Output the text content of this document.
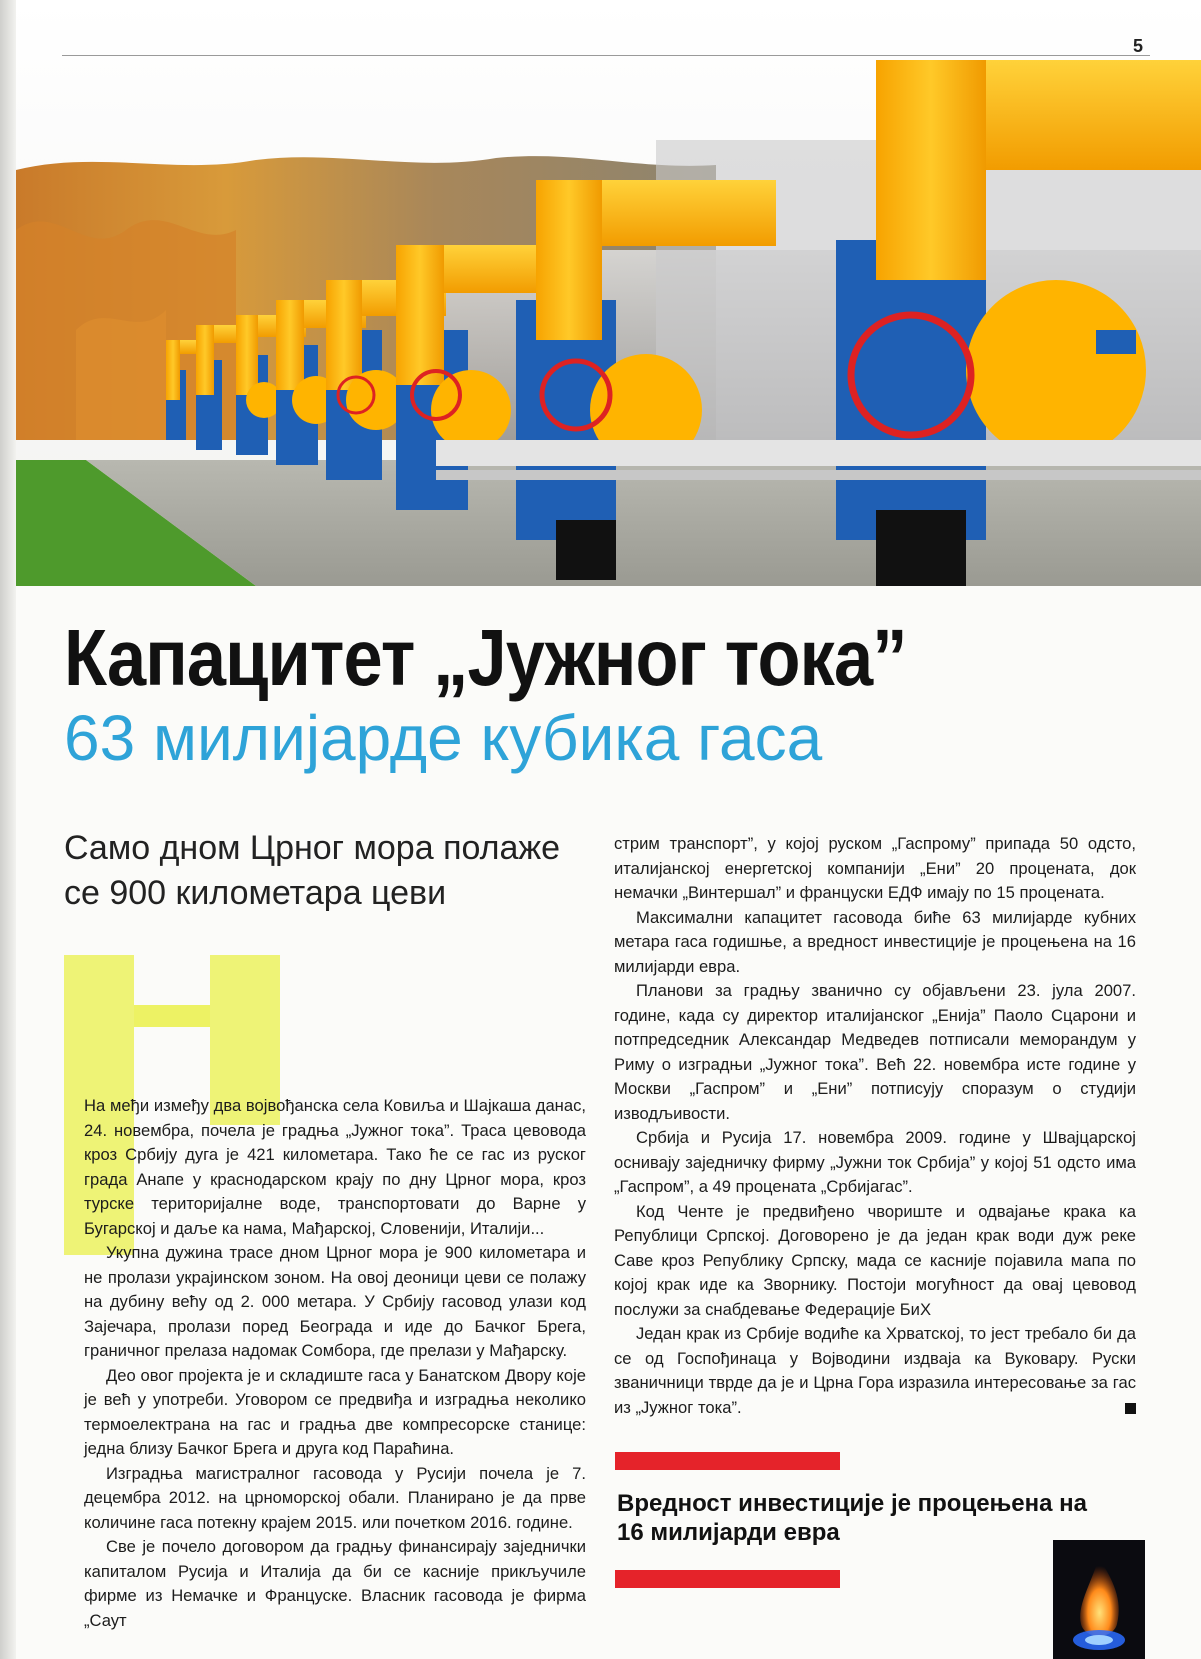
5
Капацитет „Јужног тока”
63 милијарде кубика гаса
Само дном Црног мора полаже се 900 километара цеви

На међи између два војвођанска села Ковиља и Шајкаша данас, 24. новембра, почела је градња „Јужног тока”. Траса цевовода кроз Србију дуга је 421 километара. Тако ће се гас из руског града Анапе у краснодарском крају по дну Црног мора, кроз турске територијалне воде, транспортовати до Варне у Бугарској и даље ка нама, Мађарској, Словенији, Италији...

Укупна дужина трасе дном Црног мора је 900 километара и не пролази украјинском зоном. На овој деоници цеви се полажу на дубину већу од 2. 000 метара. У Србију гасовод улази код Зајечара, пролази поред Београда и иде до Бачког Брега, граничног прелаза надомак Сомбора, где прелази у Мађарску.

Део овог пројекта је и складиште гаса у Банатском Двору које је већ у употреби. Уговором се предвиђа и изградња неколико термоелектрана на гас и градња две компресорске станице: једна близу Бачког Брега и друга код Параћина.

Изградња магистралног гасовода у Русији почела је 7. децембра 2012. на црноморској обали. Планирано је да прве количине гаса потекну крајем 2015. или почетком 2016. године.

Све је почело договором да градњу финансирају заједнички капиталом Русија и Италија да би се касније прикључиле фирме из Немачке и Француске. Власник гасовода је фирма „Саут

стрим транспорт”, у којој руском „Гаспрому” припада 50 одсто, италијанској енергетској компанији „Ени” 20 процената, док немачки „Винтершал” и француски ЕДФ имају по 15 процената.

Максимални капацитет гасовода биће 63 милијарде кубних метара гаса годишње, а вредност инвестиције је процењена на 16 милијарди евра.

Планови за градњу званично су објављени 23. јула 2007. године, када су директор италијанског „Енија” Паоло Сцарони и потпредседник Александар Медведев потписали меморандум у Риму о изградњи „Јужног тока”. Већ 22. новембра исте године у Москви „Гаспром” и „Ени” потписују споразум о студији изводљивости.

Србија и Русија 17. новембра 2009. године у Швајцарској оснивају заједничку фирму „Јужни ток Србија” у којој 51 одсто има „Гаспром”, а 49 процената „Србијагас”.

Код Ченте је предвиђено чвориште и одвајање крака ка Републици Српској. Договорено је да један крак води дуж реке Саве кроз Републику Српску, мада се касније појавила мапа по којој крак иде ка Зворнику. Постоји могућност да овај цевовод послужи за снабдевање Федерације БиХ

Један крак из Србије водиће ка Хрватској, то јест требало би да се од Госпођинаца у Војводини издваја ка Вуковару. Руски званичници тврде да је и Црна Гора изразила интересовање за гас из „Јужног тока”.

Вредност инвестиције је процењена на 16 милијарди евра
